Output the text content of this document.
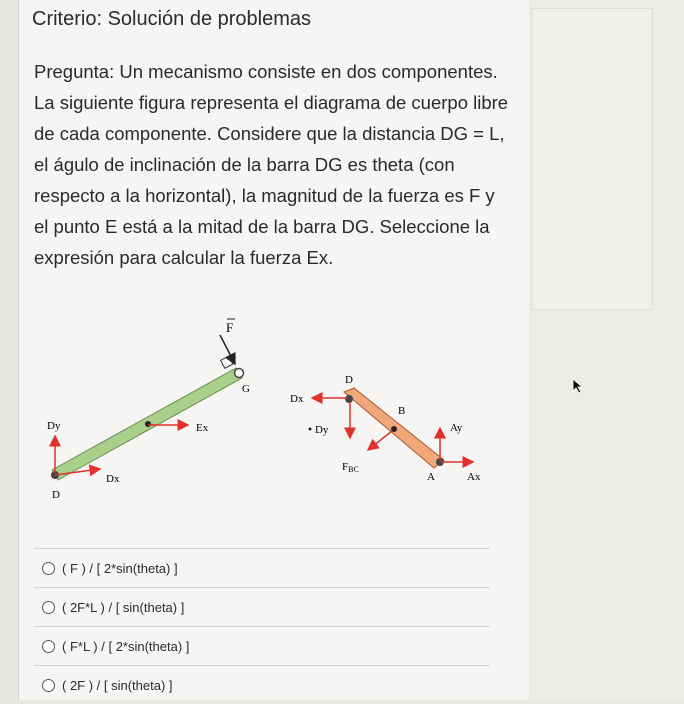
Criterio: Solución de problemas
Pregunta: Un mecanismo consiste en dos componentes. La siguiente figura representa el diagrama de cuerpo libre de cada componente. Considere que la distancia DG = L, el águlo de inclinación de la barra DG es theta (con respecto a la horizontal), la magnitud de la fuerza es F y el punto E está a la mitad de la barra DG. Seleccione la expresión para calcular la fuerza Ex.
F
G
Ex
Dy
Dx
D
D
Dx
Dy
B
FBC
Ay
Ax
A
( F ) / [ 2*sin(theta) ]
( 2F*L ) / [ sin(theta) ]
( F*L ) / [ 2*sin(theta) ]
( 2F ) / [ sin(theta) ]
